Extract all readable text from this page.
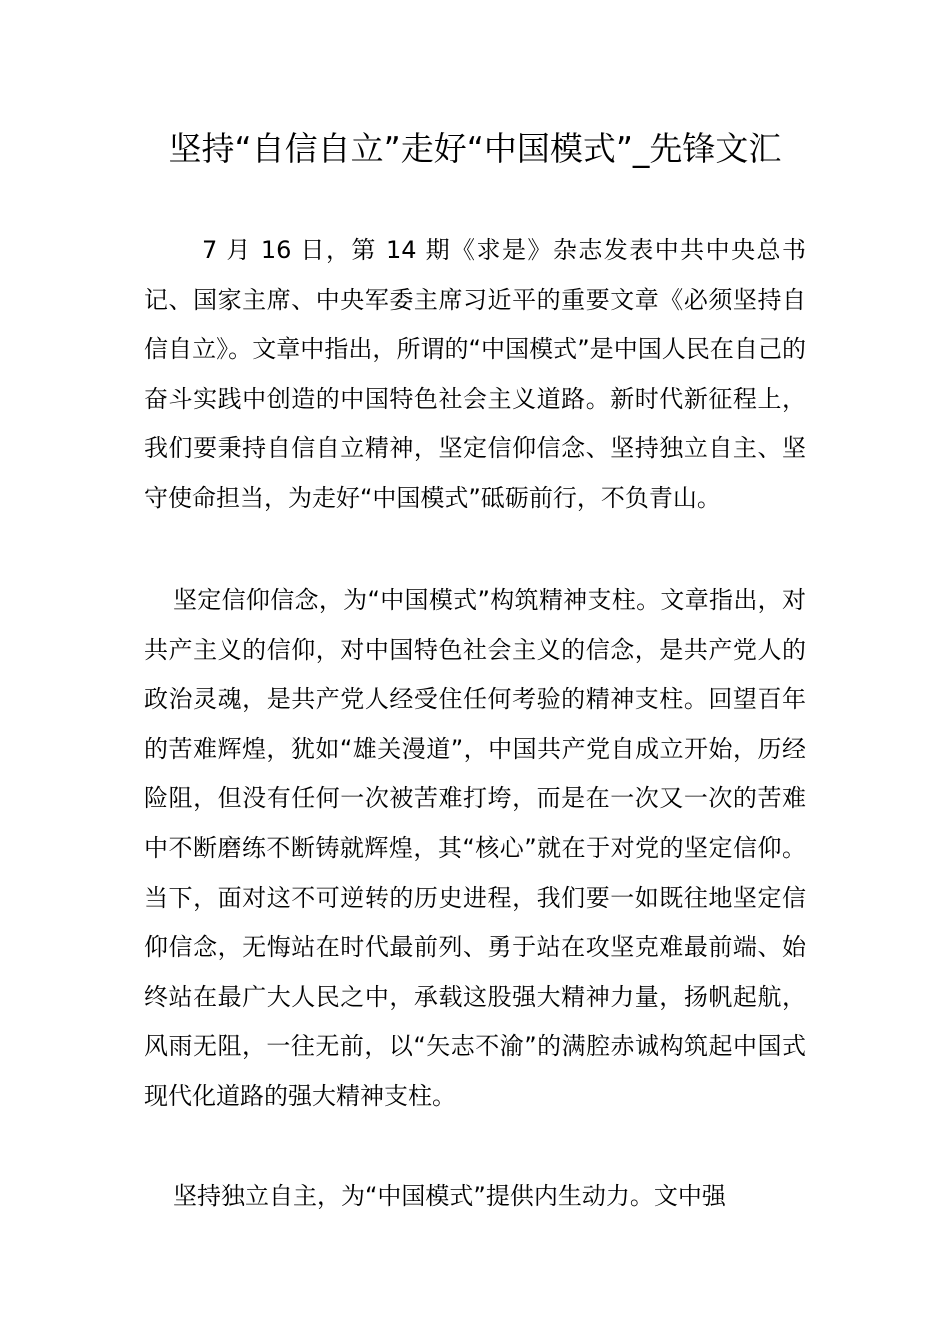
坚持“自信自立”走好“中国模式”_先锋文汇

7 月 16 日，第 14 期《求是》杂志发表中共中央总书记、国家主席、中央军委主席习近平的重要文章《必须坚持自信自立》。文章中指出，所谓的“中国模式”是中国人民在自己的奋斗实践中创造的中国特色社会主义道路。新时代新征程上，我们要秉持自信自立精神，坚定信仰信念、坚持独立自主、坚守使命担当，为走好“中国模式”砥砺前行，不负青山。

坚定信仰信念，为“中国模式”构筑精神支柱。文章指出，对共产主义的信仰，对中国特色社会主义的信念，是共产党人的政治灵魂，是共产党人经受住任何考验的精神支柱。回望百年的苦难辉煌，犹如“雄关漫道”，中国共产党自成立开始，历经险阻，但没有任何一次被苦难打垮，而是在一次又一次的苦难中不断磨练不断铸就辉煌，其“核心”就在于对党的坚定信仰。当下，面对这不可逆转的历史进程，我们要一如既往地坚定信仰信念，无悔站在时代最前列、勇于站在攻坚克难最前端、始终站在最广大人民之中，承载这股强大精神力量，扬帆起航，风雨无阻，一往无前，以“矢志不渝”的满腔赤诚构筑起中国式现代化道路的强大精神支柱。

坚持独立自主，为“中国模式”提供内生动力。文中强
